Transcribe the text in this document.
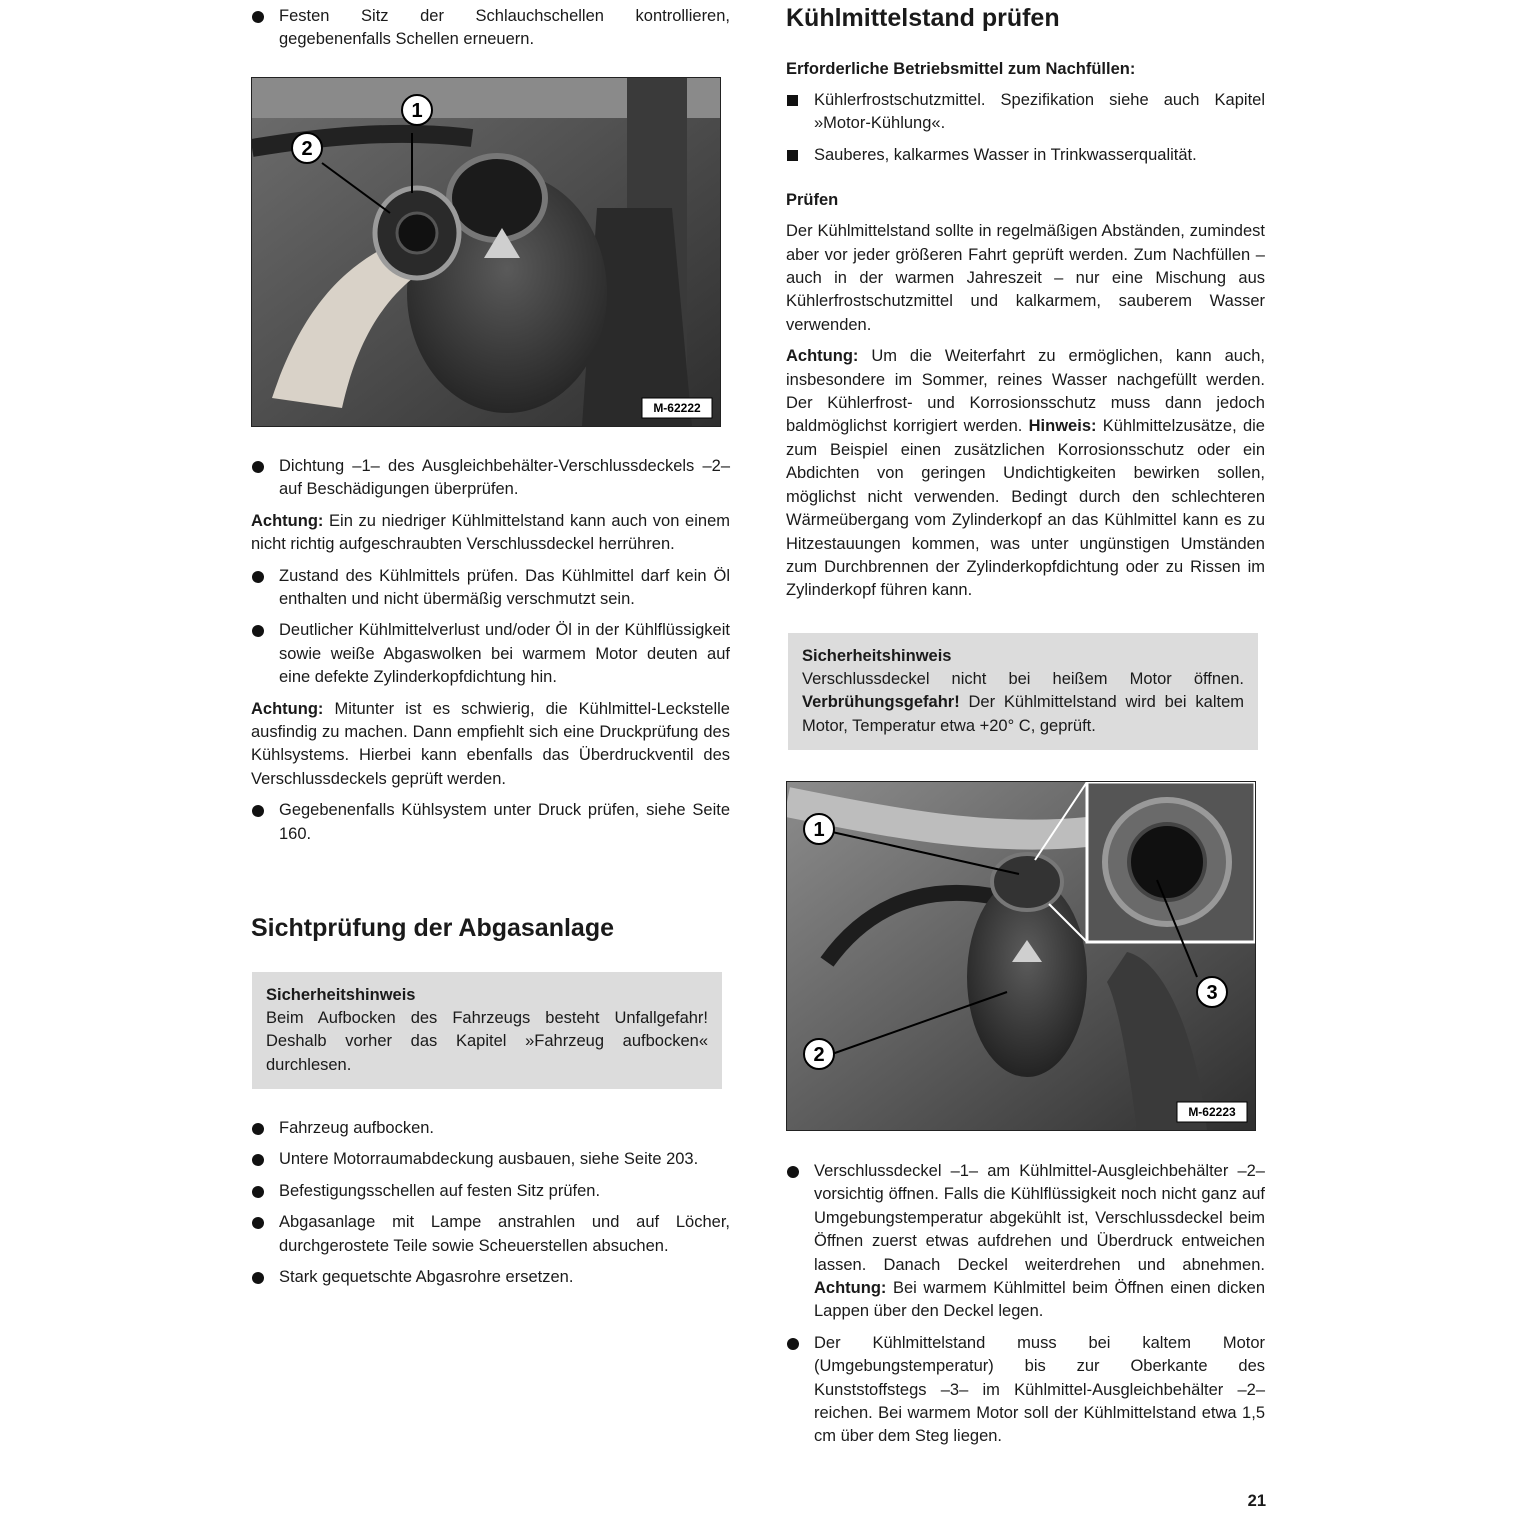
Festen Sitz der Schlauchschellen kontrollieren, gegebenenfalls Schellen erneuern.

1
2
M-62222

Dichtung –1– des Ausgleichbehälter-Verschlussdeckels –2– auf Beschädigungen überprüfen.

Achtung: Ein zu niedriger Kühlmittelstand kann auch von einem nicht richtig aufgeschraubten Verschlussdeckel herrühren.

Zustand des Kühlmittels prüfen. Das Kühlmittel darf kein Öl enthalten und nicht übermäßig verschmutzt sein.

Deutlicher Kühlmittelverlust und/oder Öl in der Kühlflüssigkeit sowie weiße Abgaswolken bei warmem Motor deuten auf eine defekte Zylinderkopfdichtung hin.

Achtung: Mitunter ist es schwierig, die Kühlmittel-Leckstelle ausfindig zu machen. Dann empfiehlt sich eine Druckprüfung des Kühlsystems. Hierbei kann ebenfalls das Überdruckventil des Verschlussdeckels geprüft werden.

Gegebenenfalls Kühlsystem unter Druck prüfen, siehe Seite 160.

Sichtprüfung der Abgasanlage
Sicherheitshinweis

Beim Aufbocken des Fahrzeugs besteht Unfallgefahr! Deshalb vorher das Kapitel »Fahrzeug aufbocken« durchlesen.

Fahrzeug aufbocken.

Untere Motorraumabdeckung ausbauen, siehe Seite 203.

Befestigungsschellen auf festen Sitz prüfen.

Abgasanlage mit Lampe anstrahlen und auf Löcher, durchgerostete Teile sowie Scheuerstellen absuchen.

Stark gequetschte Abgasrohre ersetzen.

Kühlmittelstand prüfen
Erforderliche Betriebsmittel zum Nachfüllen:

Kühlerfrostschutzmittel. Spezifikation siehe auch Kapitel »Motor-Kühlung«.

Sauberes, kalkarmes Wasser in Trinkwasserqualität.

Prüfen

Der Kühlmittelstand sollte in regelmäßigen Abständen, zumindest aber vor jeder größeren Fahrt geprüft werden. Zum Nachfüllen – auch in der warmen Jahreszeit – nur eine Mischung aus Kühlerfrostschutzmittel und kalkarmem, sauberem Wasser verwenden.

Achtung: Um die Weiterfahrt zu ermöglichen, kann auch, insbesondere im Sommer, reines Wasser nachgefüllt werden. Der Kühlerfrost- und Korrosionsschutz muss dann jedoch baldmöglichst korrigiert werden. Hinweis: Kühlmittelzusätze, die zum Beispiel einen zusätzlichen Korrosionsschutz oder ein Abdichten von geringen Undichtigkeiten bewirken sollen, möglichst nicht verwenden. Bedingt durch den schlechteren Wärmeübergang vom Zylinderkopf an das Kühlmittel kann es zu Hitzestauungen kommen, was unter ungünstigen Umständen zum Durchbrennen der Zylinderkopfdichtung oder zu Rissen im Zylinderkopf führen kann.

Sicherheitshinweis

Verschlussdeckel nicht bei heißem Motor öffnen. Verbrühungsgefahr! Der Kühlmittelstand wird bei kaltem Motor, Temperatur etwa +20° C, geprüft.

1
2
3
M-62223

Verschlussdeckel –1– am Kühlmittel-Ausgleichbehälter –2– vorsichtig öffnen. Falls die Kühlflüssigkeit noch nicht ganz auf Umgebungstemperatur abgekühlt ist, Verschlussdeckel beim Öffnen zuerst etwas aufdrehen und Überdruck entweichen lassen. Danach Deckel weiterdrehen und abnehmen. Achtung: Bei warmem Kühlmittel beim Öffnen einen dicken Lappen über den Deckel legen.

Der Kühlmittelstand muss bei kaltem Motor (Umgebungstemperatur) bis zur Oberkante des Kunststoffstegs –3– im Kühlmittel-Ausgleichbehälter –2– reichen. Bei warmem Motor soll der Kühlmittelstand etwa 1,5 cm über dem Steg liegen.

21
